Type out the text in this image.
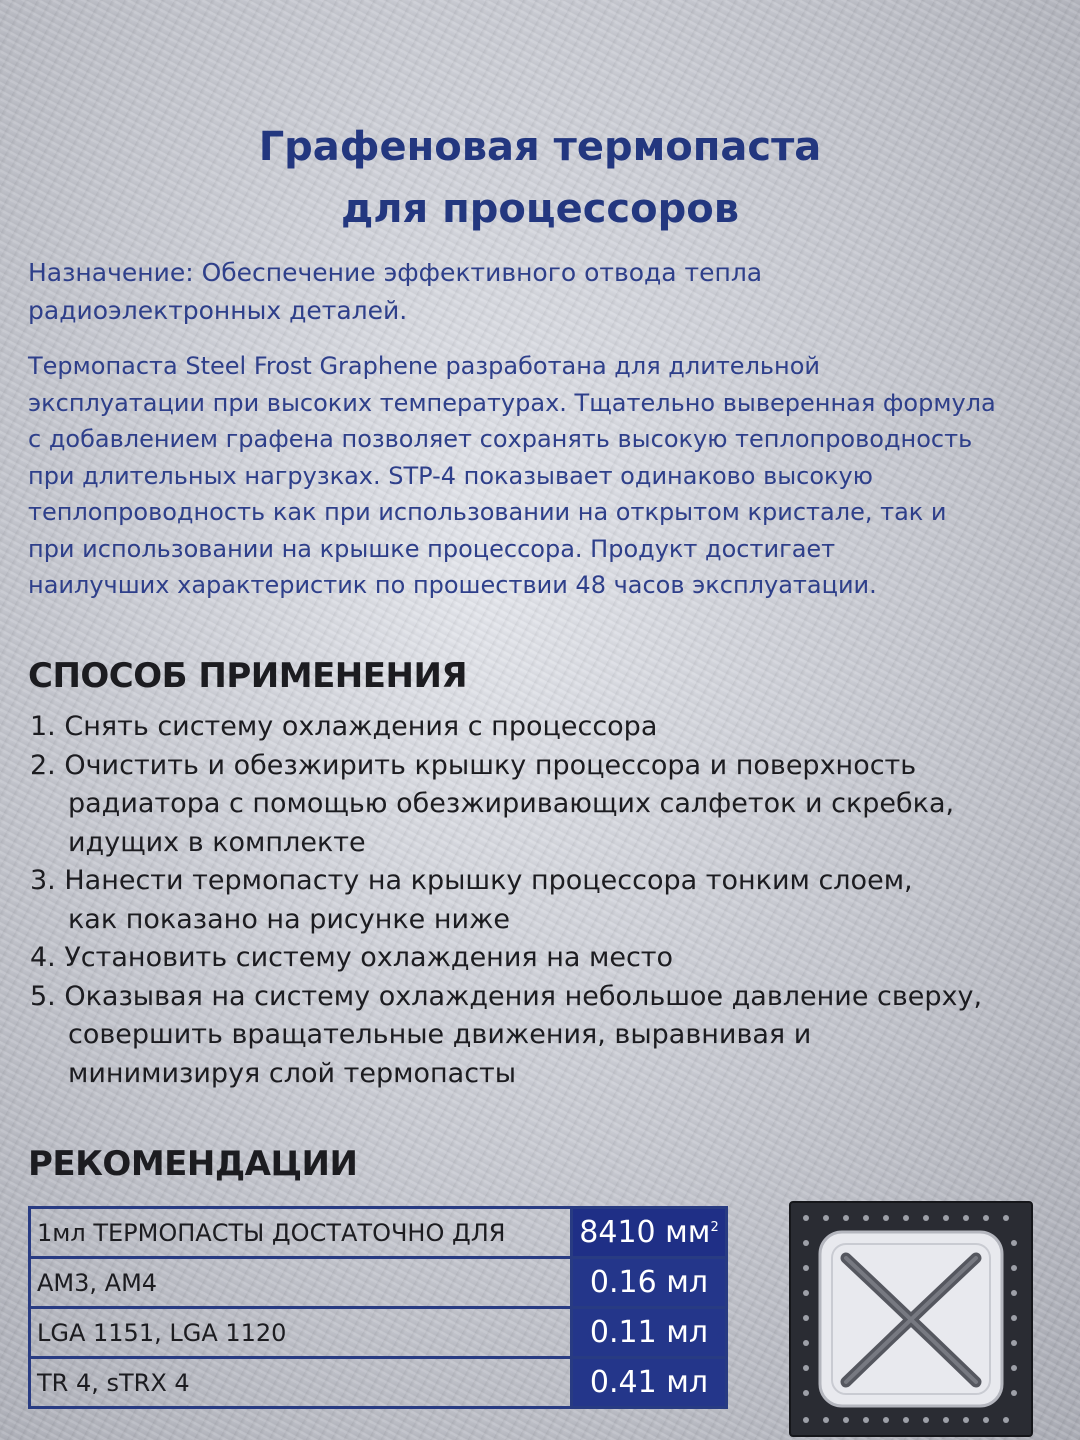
Графеновая термопаста
для процессоров
Назначение: Обеспечение эффективного отвода тепла
радиоэлектронных деталей.
Термопаста Steel Frost Graphene разработана для длительной
эксплуатации при высоких температурах. Тщательно выверенная формула
с добавлением графена позволяет сохранять высокую теплопроводность
при длительных нагрузках. STP-4 показывает одинаково высокую
теплопроводность как при использовании на открытом кристале, так и
при использовании на крышке процессора. Продукт достигает
наилучших характеристик по прошествии 48 часов эксплуатации.
СПОСОБ ПРИМЕНЕНИЯ
1. Снять систему охлаждения с процессора
2. Очистить и обезжирить крышку процессора и поверхность
радиатора с помощью обезжиривающих салфеток и скребка,
идущих в комплекте
3. Нанести термопасту на крышку процессора тонким слоем,
как показано на рисунке ниже
4. Установить систему охлаждения на место
5. Оказывая на систему охлаждения небольшое давление сверху,
совершить вращательные движения, выравнивая и
минимизируя слой термопасты
РЕКОМЕНДАЦИИ
1мл ТЕРМОПАСТЫ ДОСТАТОЧНО ДЛЯ	8410 $мм^2$
AM3, AM4	0.16 мл
LGA 1151, LGA 1120	0.11 мл
TR 4, sTRX 4	0.41 мл
